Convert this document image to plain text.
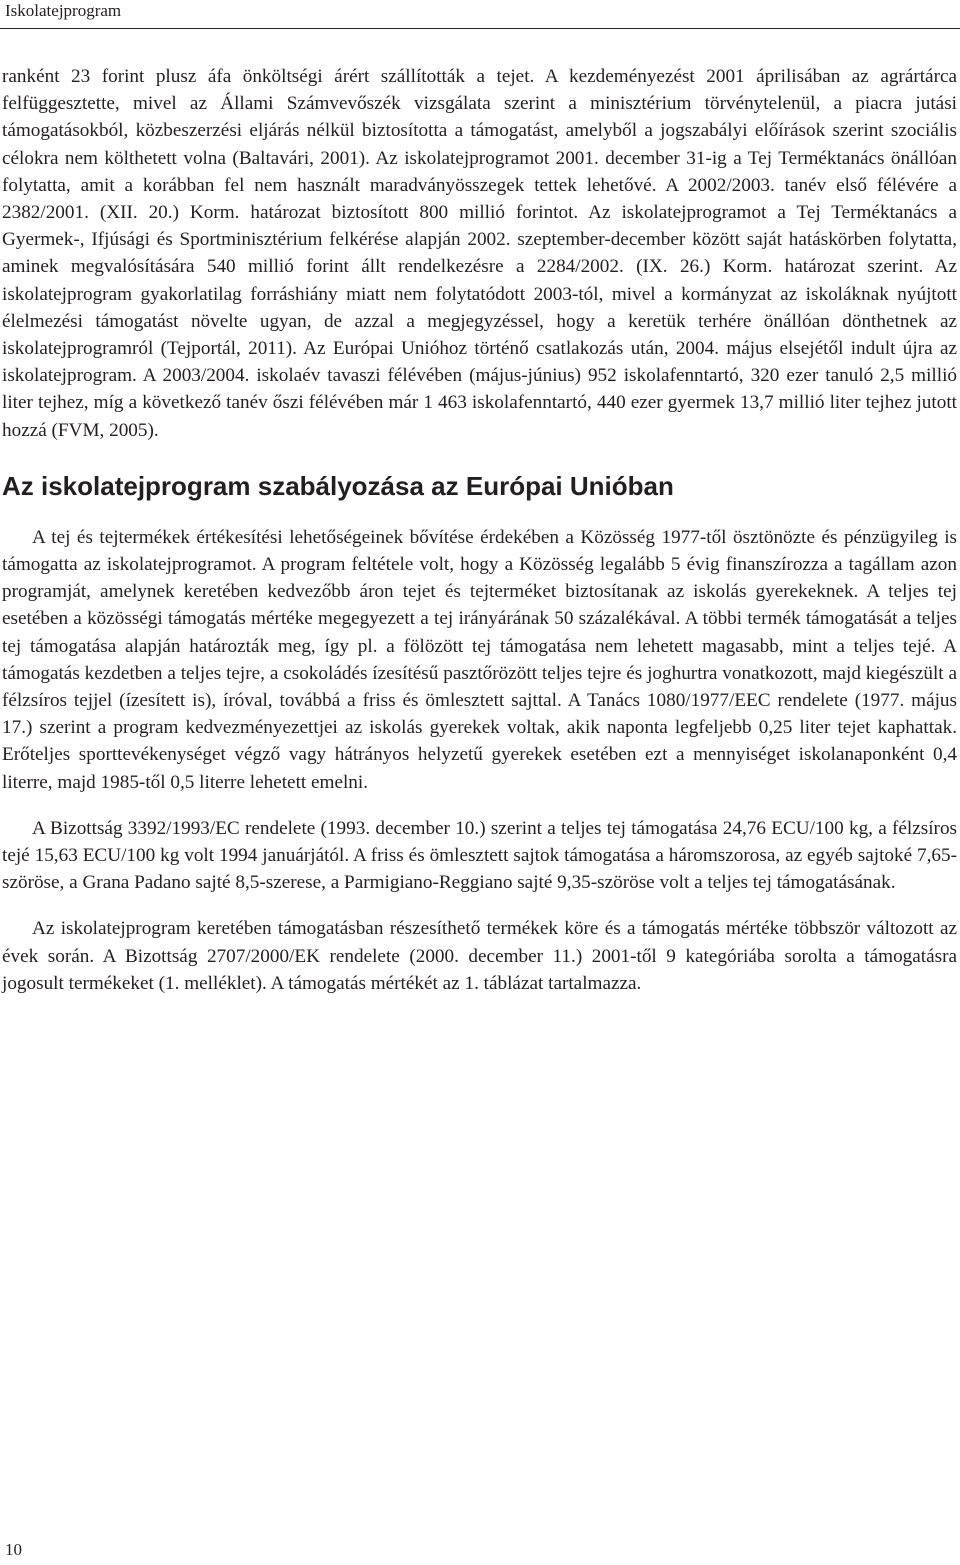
Iskolatejprogram

ranként 23 forint plusz áfa önköltségi árért szállították a tejet. A kezdeményezést 2001 áprilisában az agrártárca felfüggesztette, mivel az Állami Számvevőszék vizsgálata szerint a minisztérium törvénytelenül, a piacra jutási támogatásokból, közbeszerzési eljárás nélkül biztosította a támogatást, amelyből a jogszabályi előírások szerint szociális célokra nem költhetett volna (Baltavári, 2001). Az iskolatejprogramot 2001. december 31-ig a Tej Terméktanács önállóan folytatta, amit a korábban fel nem használt maradványösszegek tettek lehetővé. A 2002/2003. tanév első félévére a 2382/2001. (XII. 20.) Korm. határozat biztosított 800 millió forintot. Az iskolatejprogramot a Tej Terméktanács a Gyermek-, Ifjúsági és Sportminisztérium felkérése alapján 2002. szeptember-december között saját hatáskörben folytatta, aminek megvalósítására 540 millió forint állt rendelkezésre a 2284/2002. (IX. 26.) Korm. határozat szerint. Az iskolatejprogram gyakorlatilag forráshiány miatt nem folytatódott 2003-tól, mivel a kormányzat az iskoláknak nyújtott élelmezési támogatást növelte ugyan, de azzal a megjegyzéssel, hogy a keretük terhére önállóan dönthetnek az iskolatejprogramról (Tejportál, 2011). Az Európai Unióhoz történő csatlakozás után, 2004. május elsejétől indult újra az iskolatejprogram. A 2003/2004. iskolaév tavaszi félévében (május-június) 952 iskolafenntartó, 320 ezer tanuló 2,5 millió liter tejhez, míg a következő tanév őszi félévében már 1 463 iskolafenntartó, 440 ezer gyermek 13,7 millió liter tejhez jutott hozzá (FVM, 2005).

Az iskolatejprogram szabályozása az Európai Unióban

A tej és tejtermékek értékesítési lehetőségeinek bővítése érdekében a Közösség 1977-től ösztönözte és pénzügyileg is támogatta az iskolatejprogramot. A program feltétele volt, hogy a Közösség legalább 5 évig finanszírozza a tagállam azon programját, amelynek keretében kedvezőbb áron tejet és tejterméket biztosítanak az iskolás gyerekeknek. A teljes tej esetében a közösségi támogatás mértéke megegyezett a tej irányárának 50 százalékával. A többi termék támogatását a teljes tej támogatása alapján határozták meg, így pl. a fölözött tej támogatása nem lehetett magasabb, mint a teljes tejé. A támogatás kezdetben a teljes tejre, a csokoládés ízesítésű pasztőrözött teljes tejre és joghurtra vonatkozott, majd kiegészült a félzsíros tejjel (ízesített is), íróval, továbbá a friss és ömlesztett sajttal. A Tanács 1080/1977/EEC rendelete (1977. május 17.) szerint a program kedvezményezettjei az iskolás gyerekek voltak, akik naponta legfeljebb 0,25 liter tejet kaphattak. Erőteljes sporttevékenységet végző vagy hátrányos helyzetű gyerekek esetében ezt a mennyiséget iskolanaponként 0,4 literre, majd 1985-től 0,5 literre lehetett emelni.

A Bizottság 3392/1993/EC rendelete (1993. december 10.) szerint a teljes tej támogatása 24,76 ECU/100 kg, a félzsíros tejé 15,63 ECU/100 kg volt 1994 januárjától. A friss és ömlesztett sajtok támogatása a háromszorosa, az egyéb sajtoké 7,65-szöröse, a Grana Padano sajté 8,5-szerese, a Parmigiano-Reggiano sajté 9,35-szöröse volt a teljes tej támogatásának.

Az iskolatejprogram keretében támogatásban részesíthető termékek köre és a támogatás mértéke többször változott az évek során. A Bizottság 2707/2000/EK rendelete (2000. december 11.) 2001-től 9 kategóriába sorolta a támogatásra jogosult termékeket (1. melléklet). A támogatás mértékét az 1. táblázat tartalmazza.

10
